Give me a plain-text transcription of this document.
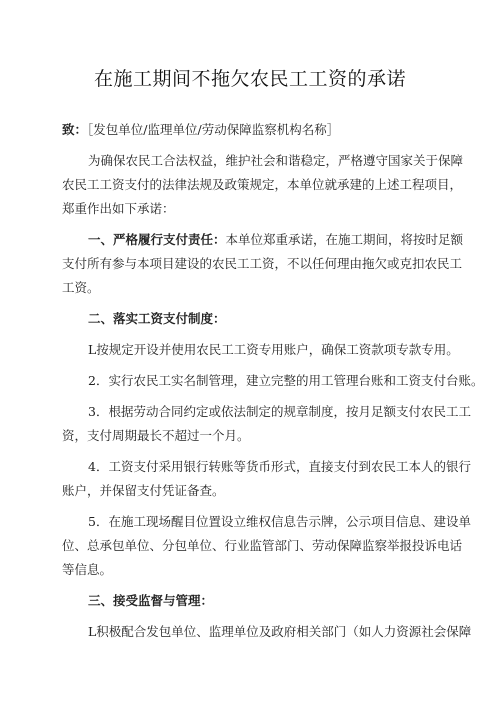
在施工期间不拖欠农民工工资的承诺
致：［发包单位/监理单位/劳动保障监察机构名称］
为确保农民工合法权益，维护社会和谐稳定，严格遵守国家关于保障
农民工工资支付的法律法规及政策规定，本单位就承建的上述工程项目，
郑重作出如下承诺：
一、严格履行支付责任：本单位郑重承诺，在施工期间，将按时足额
支付所有参与本项目建设的农民工工资，不以任何理由拖欠或克扣农民工
工资。
二、落实工资支付制度：
L按规定开设并使用农民工工资专用账户，确保工资款项专款专用。
2．实行农民工实名制管理，建立完整的用工管理台账和工资支付台账。
3．根据劳动合同约定或依法制定的规章制度，按月足额支付农民工工
资，支付周期最长不超过一个月。
4．工资支付采用银行转账等货币形式，直接支付到农民工本人的银行
账户，并保留支付凭证备查。
5．在施工现场醒目位置设立维权信息告示牌，公示项目信息、建设单
位、总承包单位、分包单位、行业监管部门、劳动保障监察举报投诉电话
等信息。
三、接受监督与管理：
L积极配合发包单位、监理单位及政府相关部门（如人力资源社会保障
